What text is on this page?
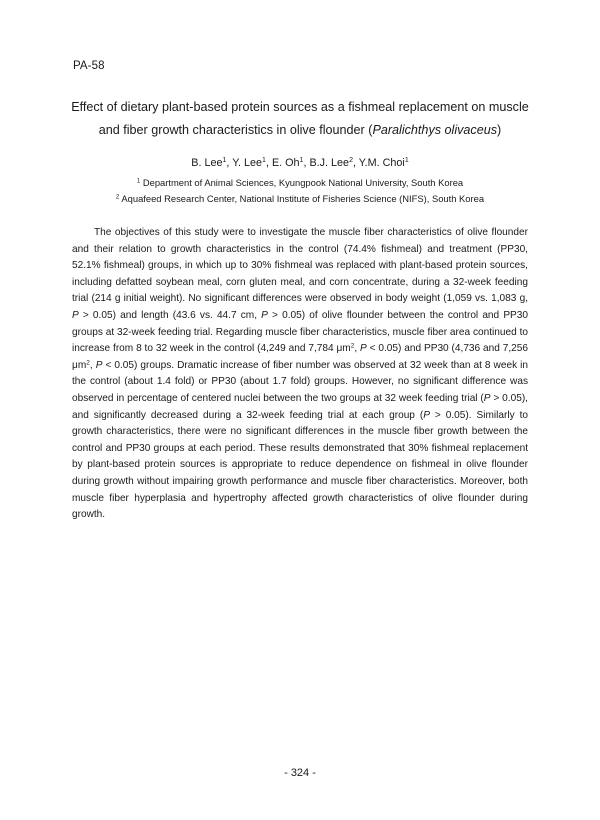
PA-58
Effect of dietary plant-based protein sources as a fishmeal replacement on muscle
and fiber growth characteristics in olive flounder (Paralichthys olivaceus)
B. Lee$^1$, Y. Lee$^1$, E. Oh$^1$, B.J. Lee$^2$, Y.M. Choi$^1$
$^1$ Department of Animal Sciences, Kyungpook National University, South Korea
$^2$ Aquafeed Research Center, National Institute of Fisheries Science (NIFS), South Korea

The objectives of this study were to investigate the muscle fiber characteristics of olive flounder and their relation to growth characteristics in the control (74.4% fishmeal) and treatment (PP30, 52.1% fishmeal) groups, in which up to 30% fishmeal was replaced with plant-based protein sources, including defatted soybean meal, corn gluten meal, and corn concentrate, during a 32-week feeding trial (214 g initial weight). No significant differences were observed in body weight (1,059 vs. 1,083 g, P > 0.05) and length (43.6 vs. 44.7 cm, P > 0.05) of olive flounder between the control and PP30 groups at 32-week feeding trial. Regarding muscle fiber characteristics, muscle fiber area continued to increase from 8 to 32 week in the control (4,249 and 7,784 $\mu m^2$, P < 0.05) and PP30 (4,736 and 7,256 $\mu m^2$, P < 0.05) groups. Dramatic increase of fiber number was observed at 32 week than at 8 week in the control (about 1.4 fold) or PP30 (about 1.7 fold) groups. However, no significant difference was observed in percentage of centered nuclei between the two groups at 32 week feeding trial (P > 0.05), and significantly decreased during a 32-week feeding trial at each group (P > 0.05). Similarly to growth characteristics, there were no significant differences in the muscle fiber growth between the control and PP30 groups at each period. These results demonstrated that 30% fishmeal replacement by plant-based protein sources is appropriate to reduce dependence on fishmeal in olive flounder during growth without impairing growth performance and muscle fiber characteristics. Moreover, both muscle fiber hyperplasia and hypertrophy affected growth characteristics of olive flounder during growth.

- 324 -
